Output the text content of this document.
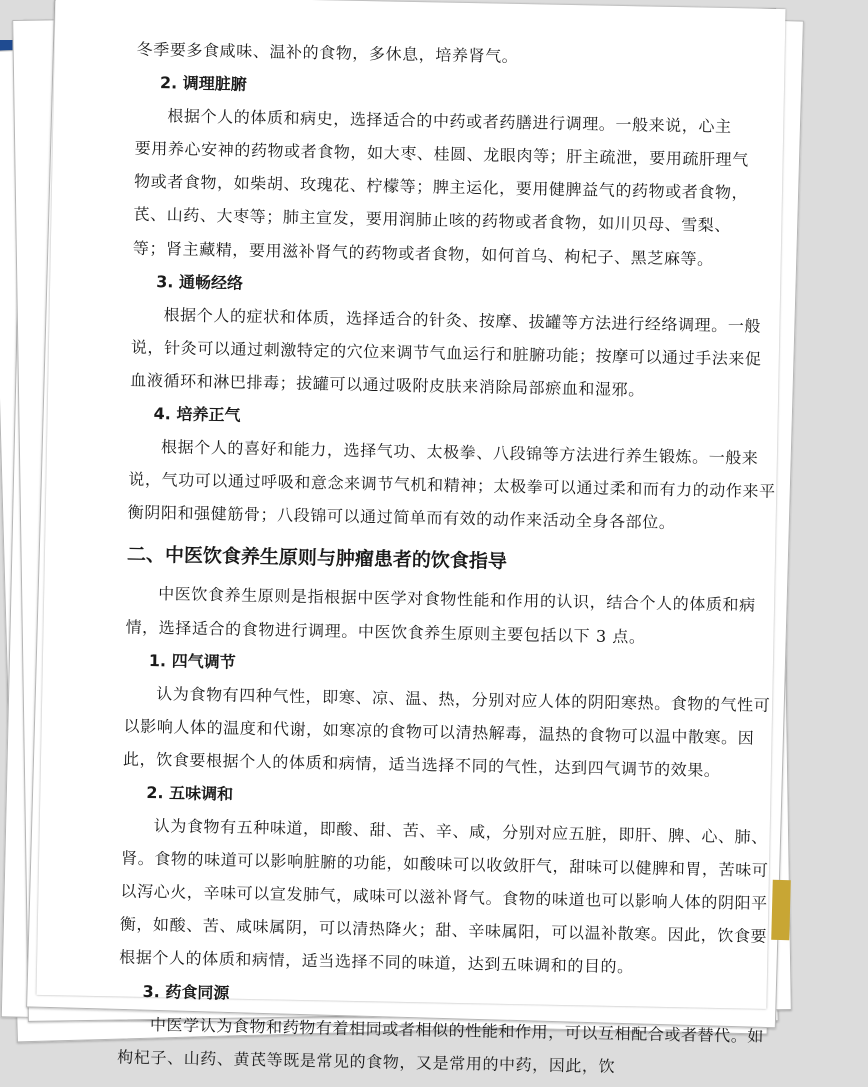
冬季要多食咸味、温补的食物，多休息，培养肾气。
2. 调理脏腑
根据个人的体质和病史，选择适合的中药或者药膳进行调理。一般来说，心主
要用养心安神的药物或者食物，如大枣、桂圆、龙眼肉等；肝主疏泄，要用疏肝理气
物或者食物，如柴胡、玫瑰花、柠檬等；脾主运化，要用健脾益气的药物或者食物，
芪、山药、大枣等；肺主宣发，要用润肺止咳的药物或者食物，如川贝母、雪梨、
等；肾主藏精，要用滋补肾气的药物或者食物，如何首乌、枸杞子、黑芝麻等。
3. 通畅经络
根据个人的症状和体质，选择适合的针灸、按摩、拔罐等方法进行经络调理。一般
说，针灸可以通过刺激特定的穴位来调节气血运行和脏腑功能；按摩可以通过手法来促
血液循环和淋巴排毒；拔罐可以通过吸附皮肤来消除局部瘀血和湿邪。
4. 培养正气
根据个人的喜好和能力，选择气功、太极拳、八段锦等方法进行养生锻炼。一般来
说，气功可以通过呼吸和意念来调节气机和精神；太极拳可以通过柔和而有力的动作来平
衡阴阳和强健筋骨；八段锦可以通过简单而有效的动作来活动全身各部位。
二、中医饮食养生原则与肿瘤患者的饮食指导
中医饮食养生原则是指根据中医学对食物性能和作用的认识，结合个人的体质和病
情，选择适合的食物进行调理。中医饮食养生原则主要包括以下 3 点。
1. 四气调节
认为食物有四种气性，即寒、凉、温、热，分别对应人体的阴阳寒热。食物的气性可
以影响人体的温度和代谢，如寒凉的食物可以清热解毒，温热的食物可以温中散寒。因
此，饮食要根据个人的体质和病情，适当选择不同的气性，达到四气调节的效果。
2. 五味调和
认为食物有五种味道，即酸、甜、苦、辛、咸，分别对应五脏，即肝、脾、心、肺、
肾。食物的味道可以影响脏腑的功能，如酸味可以收敛肝气，甜味可以健脾和胃，苦味可
以泻心火，辛味可以宣发肺气，咸味可以滋补肾气。食物的味道也可以影响人体的阴阳平
衡，如酸、苦、咸味属阴，可以清热降火；甜、辛味属阳，可以温补散寒。因此，饮食要
根据个人的体质和病情，适当选择不同的味道，达到五味调和的目的。
3. 药食同源
中医学认为食物和药物有着相同或者相似的性能和作用，可以互相配合或者替代。如
枸杞子、山药、黄芪等既是常见的食物，又是常用的中药，因此，饮
